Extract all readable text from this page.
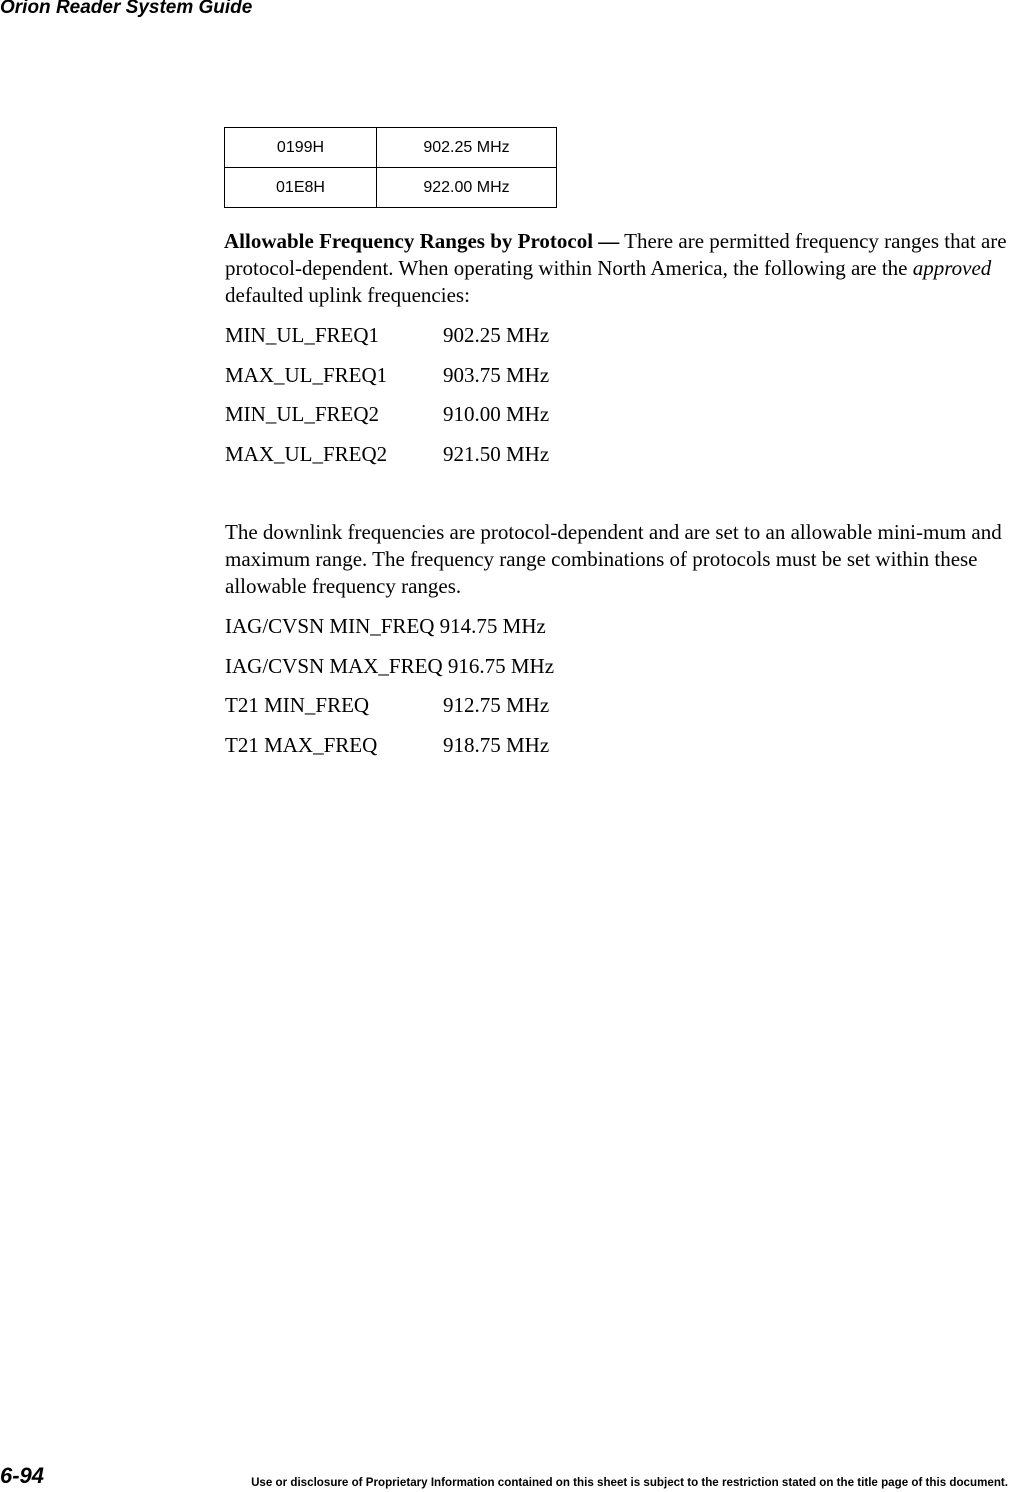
Orion Reader System Guide
0199H	902.25 MHz
01E8H	922.00 MHz

Allowable Frequency Ranges by Protocol — There are permitted frequency ranges that are protocol-dependent. When operating within North America, the following are the approved defaulted uplink frequencies:

MIN_UL_FREQ1	902.25 MHz
MAX_UL_FREQ1	903.75 MHz
MIN_UL_FREQ2	910.00 MHz
MAX_UL_FREQ2	921.50 MHz

The downlink frequencies are protocol-dependent and are set to an allowable mini-mum and maximum range. The frequency range combinations of protocols must be set within these allowable frequency ranges.

IAG/CVSN MIN_FREQ 914.75 MHz
IAG/CVSN MAX_FREQ 916.75 MHz
T21 MIN_FREQ	912.75 MHz
T21 MAX_FREQ	918.75 MHz
6-94	Use or disclosure of Proprietary Information contained on this sheet is subject to the restriction stated on the title page of this document.
